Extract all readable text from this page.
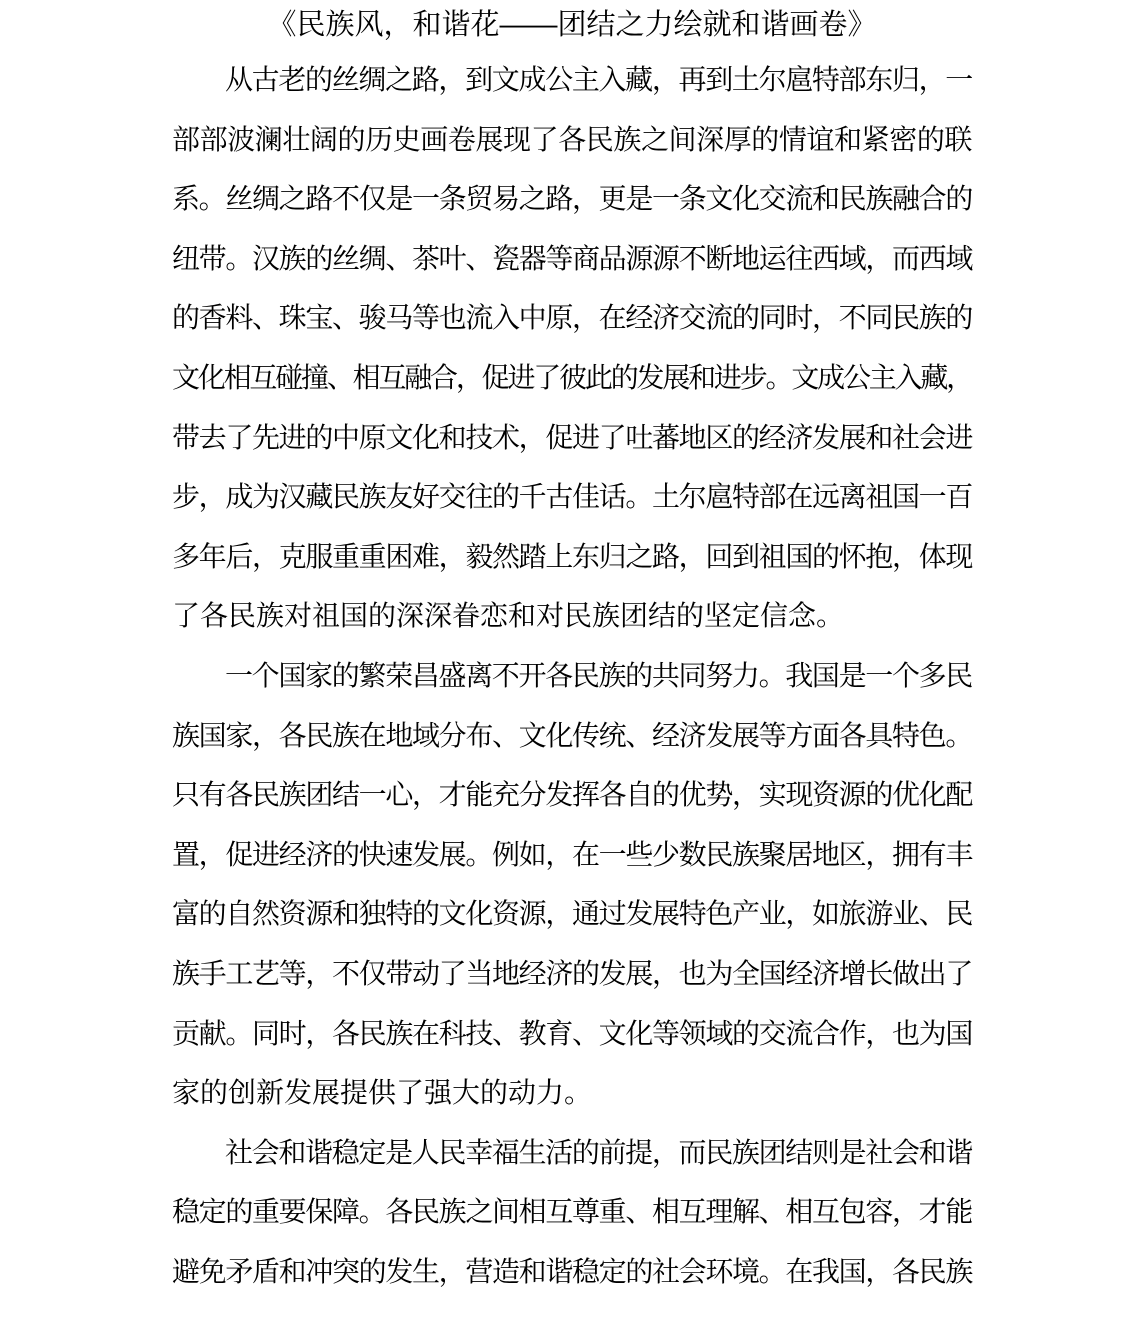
《民族风，和谐花——团结之力绘就和谐画卷》
从古老的丝绸之路，到文成公主入藏，再到土尔扈特部东归，一
部部波澜壮阔的历史画卷展现了各民族之间深厚的情谊和紧密的联
系。丝绸之路不仅是一条贸易之路，更是一条文化交流和民族融合的
纽带。汉族的丝绸、茶叶、瓷器等商品源源不断地运往西域，而西域
的香料、珠宝、骏马等也流入中原，在经济交流的同时，不同民族的
文化相互碰撞、相互融合，促进了彼此的发展和进步。文成公主入藏，
带去了先进的中原文化和技术，促进了吐蕃地区的经济发展和社会进
步，成为汉藏民族友好交往的千古佳话。土尔扈特部在远离祖国一百
多年后，克服重重困难，毅然踏上东归之路，回到祖国的怀抱，体现
了各民族对祖国的深深眷恋和对民族团结的坚定信念。
一个国家的繁荣昌盛离不开各民族的共同努力。我国是一个多民
族国家，各民族在地域分布、文化传统、经济发展等方面各具特色。
只有各民族团结一心，才能充分发挥各自的优势，实现资源的优化配
置，促进经济的快速发展。例如，在一些少数民族聚居地区，拥有丰
富的自然资源和独特的文化资源，通过发展特色产业，如旅游业、民
族手工艺等，不仅带动了当地经济的发展，也为全国经济增长做出了
贡献。同时，各民族在科技、教育、文化等领域的交流合作，也为国
家的创新发展提供了强大的动力。
社会和谐稳定是人民幸福生活的前提，而民族团结则是社会和谐
稳定的重要保障。各民族之间相互尊重、相互理解、相互包容，才能
避免矛盾和冲突的发生，营造和谐稳定的社会环境。在我国，各民族
